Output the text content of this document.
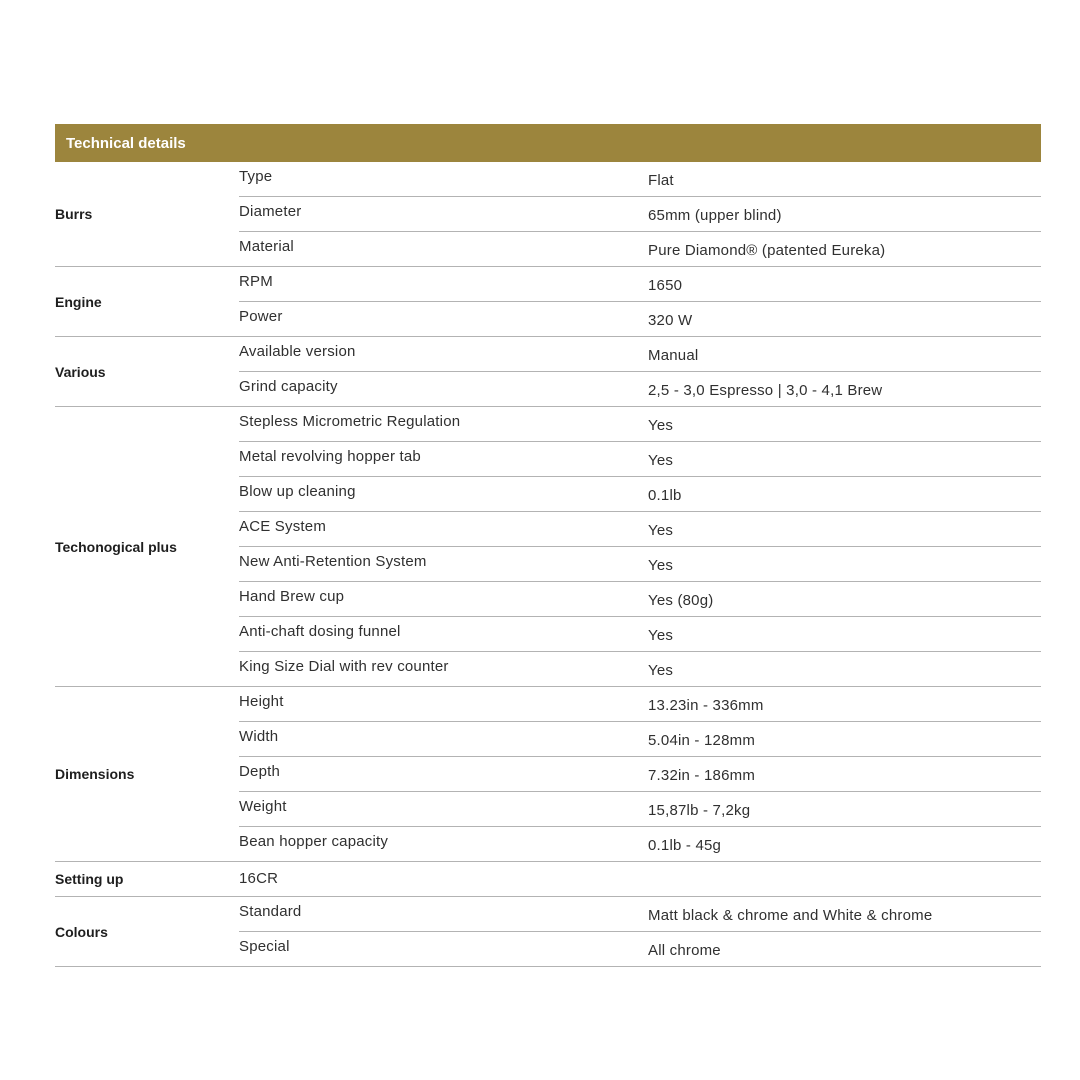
Technical details
Burrs
Type	Flat
Diameter	65mm (upper blind)
Material	Pure Diamond® (patented Eureka)
Engine
RPM	1650
Power	320 W
Various
Available version	Manual
Grind capacity	2,5 - 3,0 Espresso | 3,0 - 4,1 Brew
Techonogical plus
Stepless Micrometric Regulation	Yes
Metal revolving hopper tab	Yes
Blow up cleaning	0.1lb
ACE System	Yes
New Anti-Retention System	Yes
Hand Brew cup	Yes (80g)
Anti-chaft dosing funnel	Yes
King Size Dial with rev counter	Yes
Dimensions
Height	13.23in - 336mm
Width	5.04in - 128mm
Depth	7.32in - 186mm
Weight	15,87lb - 7,2kg
Bean hopper capacity	0.1lb - 45g
Setting up	16CR
Colours
Standard	Matt black & chrome and White & chrome
Special	All chrome
